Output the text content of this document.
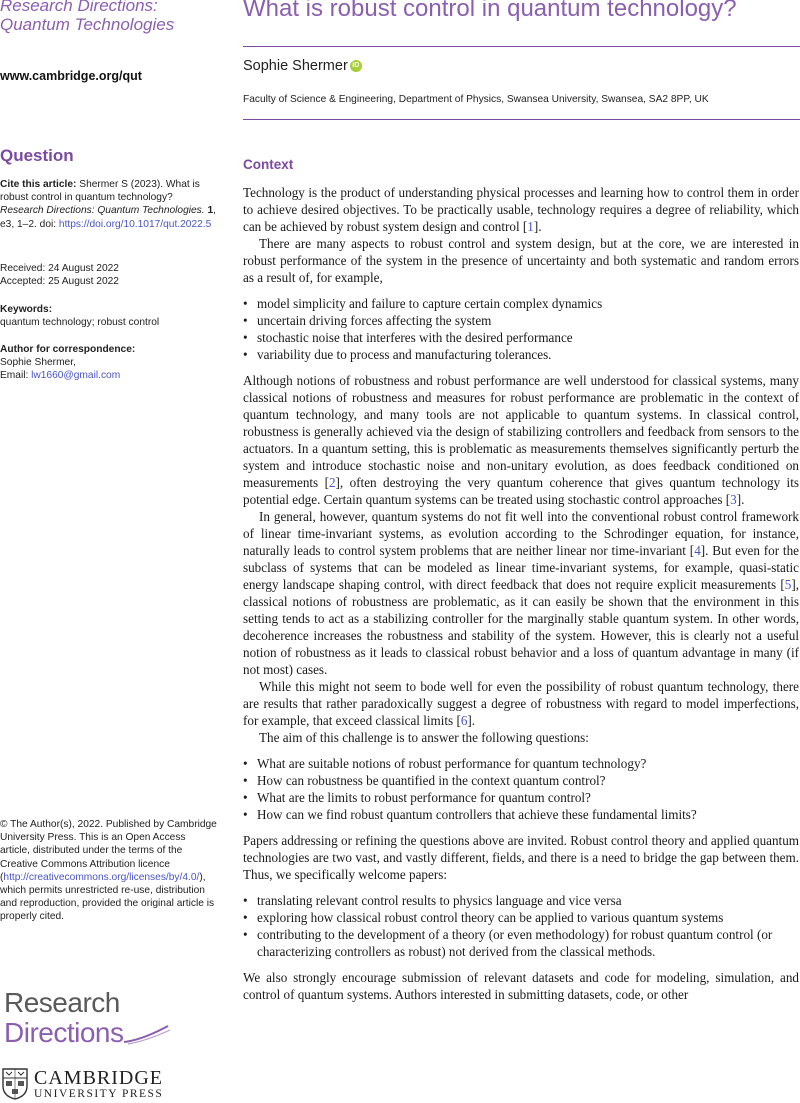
Research Directions: Quantum Technologies
www.cambridge.org/qut
Question
Cite this article: Shermer S (2023). What is robust control in quantum technology? Research Directions: Quantum Technologies. 1, e3, 1–2. doi: https://doi.org/10.1017/qut.2022.5
Received: 24 August 2022
Accepted: 25 August 2022
Keywords:
quantum technology; robust control
Author for correspondence:
Sophie Shermer,
Email: lw1660@gmail.com
© The Author(s), 2022. Published by Cambridge University Press. This is an Open Access article, distributed under the terms of the Creative Commons Attribution licence (http://creativecommons.org/licenses/by/4.0/), which permits unrestricted re-use, distribution and reproduction, provided the original article is properly cited.
Research
Directions
CAMBRIDGE
UNIVERSITY PRESS
What is robust control in quantum technology?
Sophie Shermer iD
Faculty of Science & Engineering, Department of Physics, Swansea University, Swansea, SA2 8PP, UK
Context

Technology is the product of understanding physical processes and learning how to control them in order to achieve desired objectives. To be practically usable, technology requires a degree of reliability, which can be achieved by robust system design and control [1].

There are many aspects to robust control and system design, but at the core, we are interested in robust performance of the system in the presence of uncertainty and both systematic and random errors as a result of, for example,

• model simplicity and failure to capture certain complex dynamics
• uncertain driving forces affecting the system
• stochastic noise that interferes with the desired performance
• variability due to process and manufacturing tolerances.

Although notions of robustness and robust performance are well understood for classical systems, many classical notions of robustness and measures for robust performance are problematic in the context of quantum technology, and many tools are not applicable to quantum systems. In classical control, robustness is generally achieved via the design of stabilizing controllers and feedback from sensors to the actuators. In a quantum setting, this is problematic as measurements themselves significantly perturb the system and introduce stochastic noise and non-unitary evolution, as does feedback conditioned on measurements [2], often destroying the very quantum coherence that gives quantum technology its potential edge. Certain quantum systems can be treated using stochastic control approaches [3].

In general, however, quantum systems do not fit well into the conventional robust control framework of linear time-invariant systems, as evolution according to the Schrodinger equation, for instance, naturally leads to control system problems that are neither linear nor time-invariant [4]. But even for the subclass of systems that can be modeled as linear time-invariant systems, for example, quasi-static energy landscape shaping control, with direct feedback that does not require explicit measurements [5], classical notions of robustness are problematic, as it can easily be shown that the environment in this setting tends to act as a stabilizing controller for the marginally stable quantum system. In other words, decoherence increases the robustness and stability of the system. However, this is clearly not a useful notion of robustness as it leads to classical robust behavior and a loss of quantum advantage in many (if not most) cases.

While this might not seem to bode well for even the possibility of robust quantum technology, there are results that rather paradoxically suggest a degree of robustness with regard to model imperfections, for example, that exceed classical limits [6].

The aim of this challenge is to answer the following questions:

• What are suitable notions of robust performance for quantum technology?
• How can robustness be quantified in the context quantum control?
• What are the limits to robust performance for quantum control?
• How can we find robust quantum controllers that achieve these fundamental limits?

Papers addressing or refining the questions above are invited. Robust control theory and applied quantum technologies are two vast, and vastly different, fields, and there is a need to bridge the gap between them. Thus, we specifically welcome papers:

• translating relevant control results to physics language and vice versa
• exploring how classical robust control theory can be applied to various quantum systems
• contributing to the development of a theory (or even methodology) for robust quantum control (or characterizing controllers as robust) not derived from the classical methods.

We also strongly encourage submission of relevant datasets and code for modeling, simulation, and control of quantum systems. Authors interested in submitting datasets, code, or other
